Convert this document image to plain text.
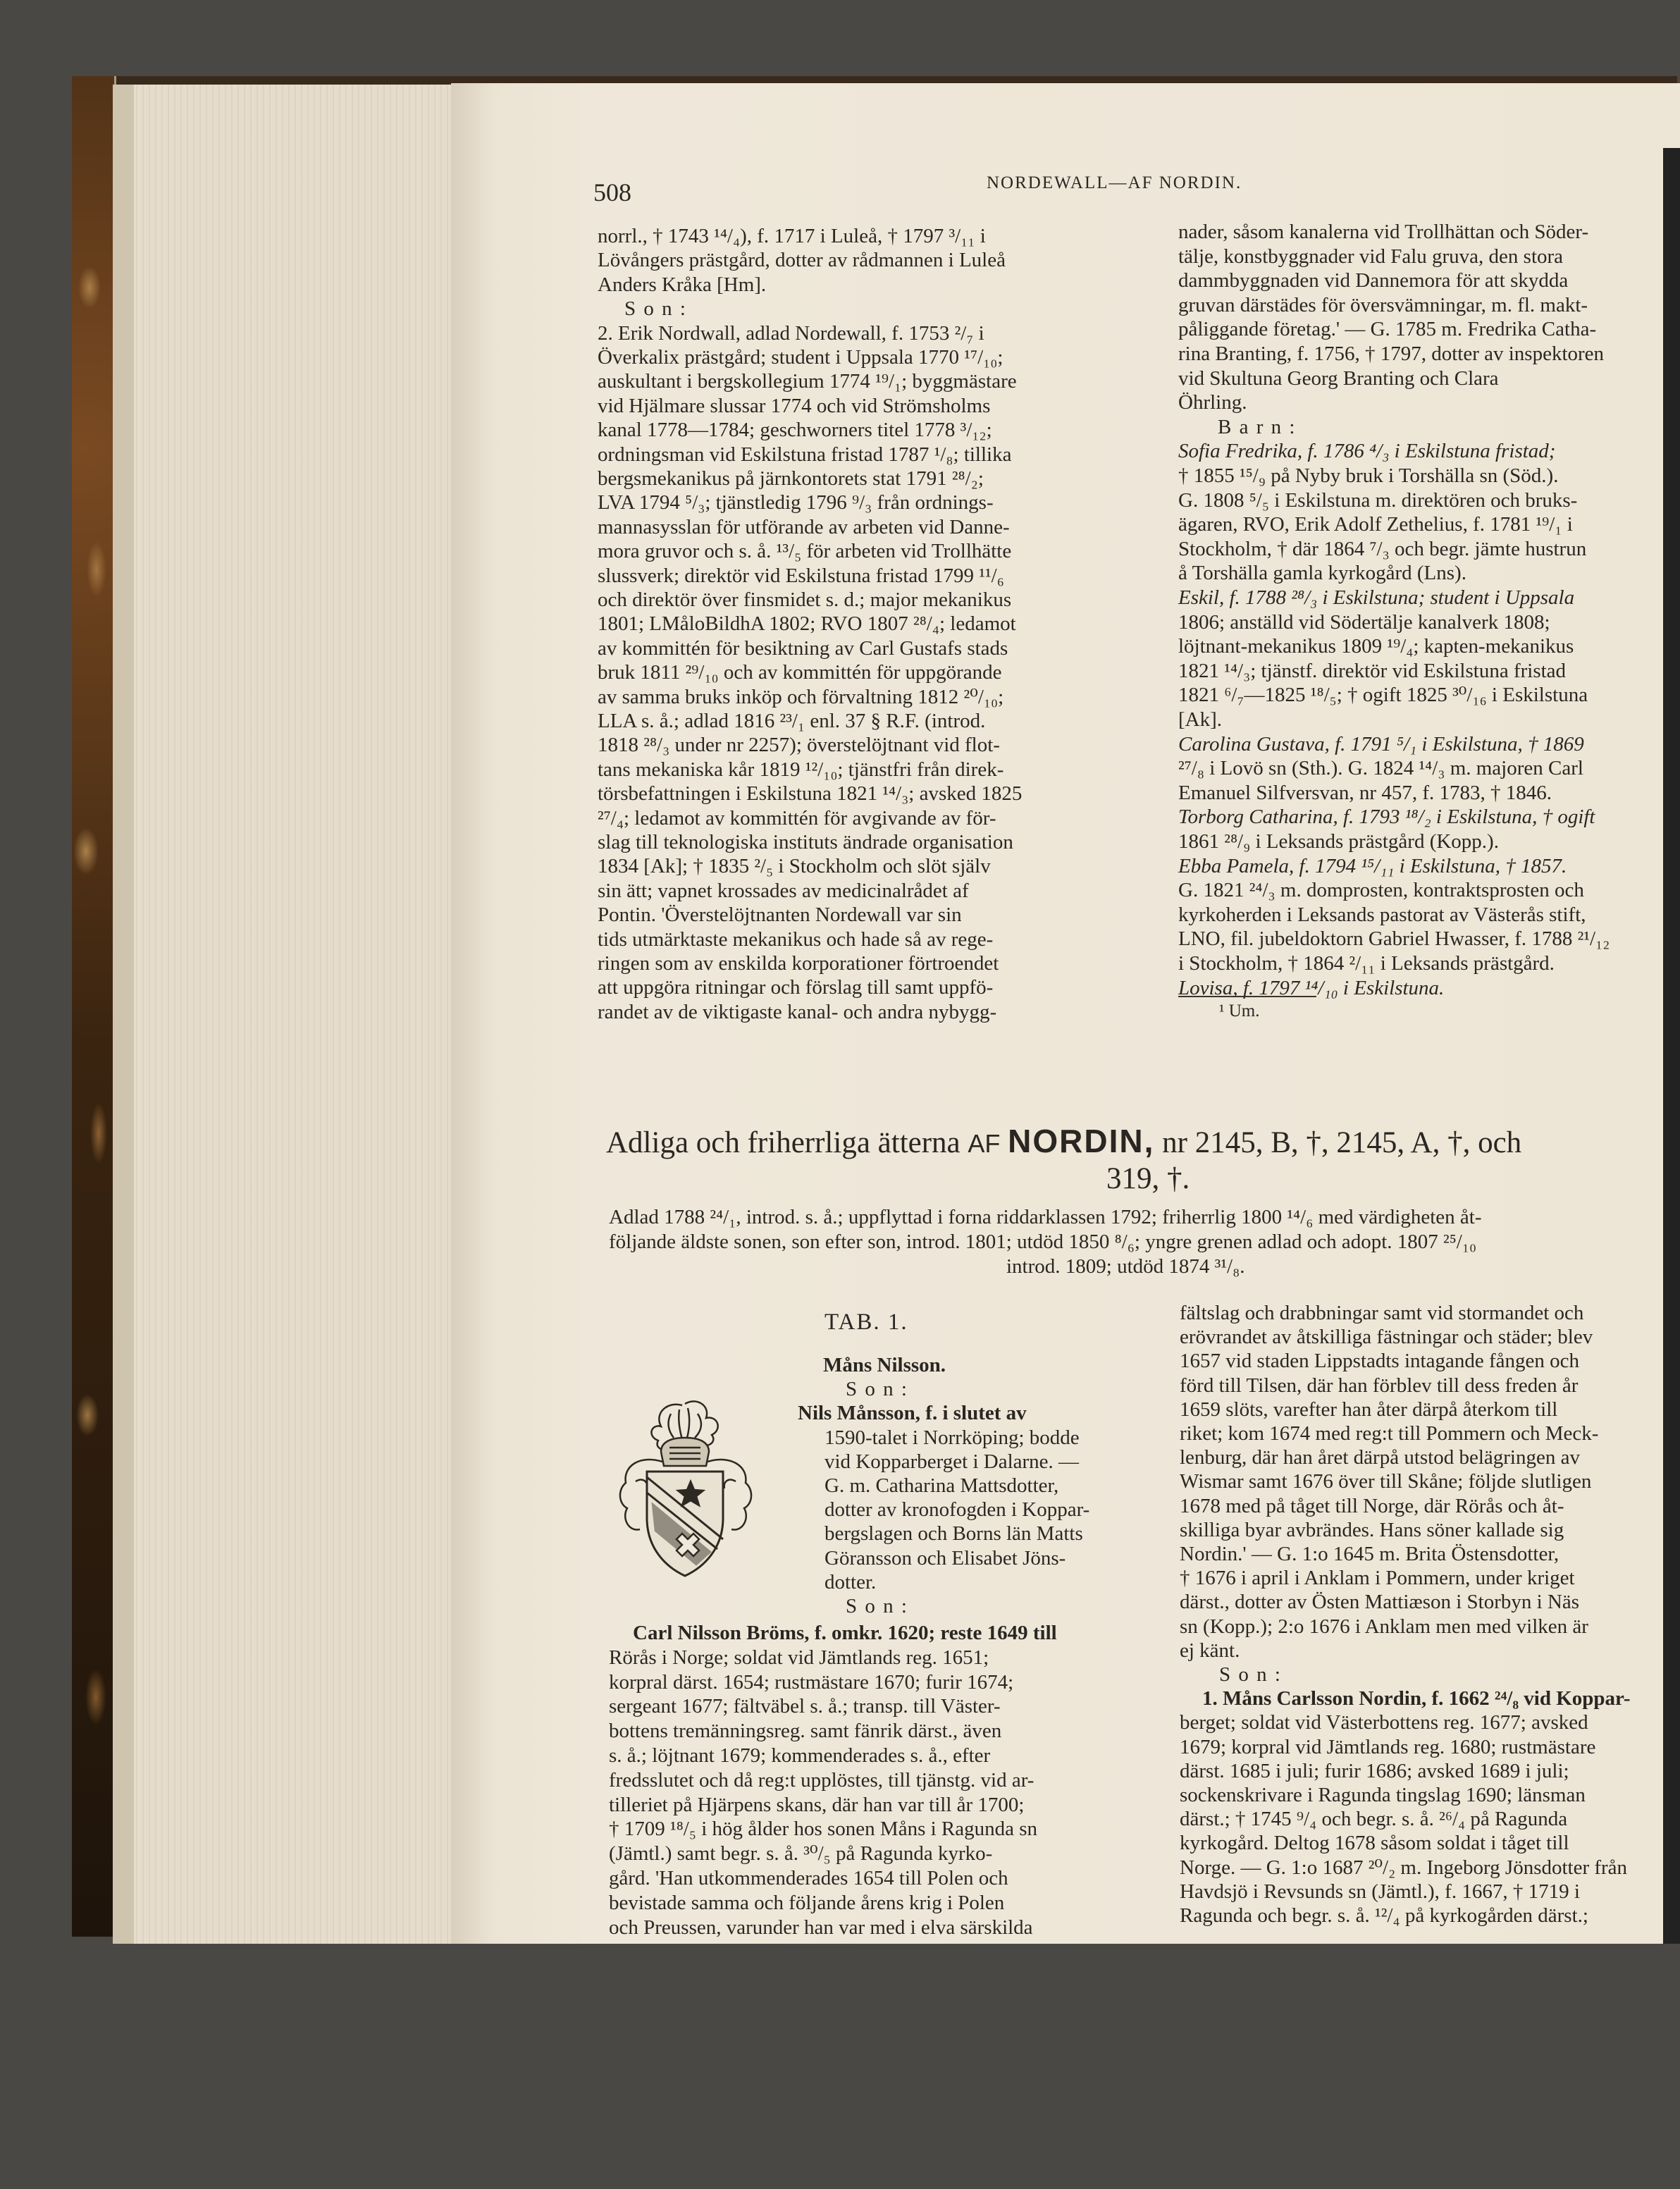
508	NORDEWALL—AF NORDIN.
norrl., † 1743 ¹⁴/₄), f. 1717 i Luleå, † 1797 ³/₁₁ i
Lövångers prästgård, dotter av rådmannen i Luleå
Anders Kråka [Hm].
S o n :
2. Erik Nordwall, adlad Nordewall, f. 1753 ²/₇ i
Överkalix prästgård; student i Uppsala 1770 ¹⁷/₁₀;
auskultant i bergskollegium 1774 ¹⁹/₁; byggmästare
vid Hjälmare slussar 1774 och vid Strömsholms
kanal 1778—1784; geschworners titel 1778 ³/₁₂;
ordningsman vid Eskilstuna fristad 1787 ¹/₈; tillika
bergsmekanikus på järnkontorets stat 1791 ²⁸/₂;
LVA 1794 ⁵/₃; tjänstledig 1796 ⁹/₃ från ordnings-
mannasysslan för utförande av arbeten vid Danne-
mora gruvor och s. å. ¹³/₅ för arbeten vid Trollhätte
slussverk; direktör vid Eskilstuna fristad 1799 ¹¹/₆
och direktör över finsmidet s. d.; major mekanikus
1801; LMåloBildhA 1802; RVO 1807 ²⁸/₄; ledamot
av kommittén för besiktning av Carl Gustafs stads
bruk 1811 ²⁹/₁₀ och av kommittén för uppgörande
av samma bruks inköp och förvaltning 1812 ²⁰/₁₀;
LLA s. å.; adlad 1816 ²³/₁ enl. 37 § R.F. (introd.
1818 ²⁸/₃ under nr 2257); överstelöjtnant vid flot-
tans mekaniska kår 1819 ¹²/₁₀; tjänstfri från direk-
törsbefattningen i Eskilstuna 1821 ¹⁴/₃; avsked 1825
²⁷/₄; ledamot av kommittén för avgivande av för-
slag till teknologiska instituts ändrade organisation
1834 [Ak]; † 1835 ²/₅ i Stockholm och slöt själv
sin ätt; vapnet krossades av medicinalrådet af
Pontin. 'Överstelöjtnanten Nordewall var sin
tids utmärktaste mekanikus och hade så av rege-
ringen som av enskilda korporationer förtroendet
att uppgöra ritningar och förslag till samt uppfö-
randet av de viktigaste kanal- och andra nybygg-
nader, såsom kanalerna vid Trollhättan och Söder-
tälje, konstbyggnader vid Falu gruva, den stora
dammbyggnaden vid Dannemora för att skydda
gruvan därstädes för översvämningar, m. fl. makt-
påliggande företag.' — G. 1785 m. Fredrika Catha-
rina Branting, f. 1756, † 1797, dotter av inspektoren
vid Skultuna Georg Branting och Clara
Öhrling.
B a r n :
Sofia Fredrika, f. 1786 ⁴/₃ i Eskilstuna fristad;
† 1855 ¹⁵/₉ på Nyby bruk i Torshälla sn (Söd.).
G. 1808 ⁵/₅ i Eskilstuna m. direktören och bruks-
ägaren, RVO, Erik Adolf Zethelius, f. 1781 ¹⁹/₁ i
Stockholm, † där 1864 ⁷/₃ och begr. jämte hustrun
å Torshälla gamla kyrkogård (Lns).
Eskil, f. 1788 ²⁸/₃ i Eskilstuna; student i Uppsala
1806; anställd vid Södertälje kanalverk 1808;
löjtnant-mekanikus 1809 ¹⁹/₄; kapten-mekanikus
1821 ¹⁴/₃; tjänstf. direktör vid Eskilstuna fristad
1821 ⁶/₇—1825 ¹⁸/₅; † ogift 1825 ³⁰/₁₆ i Eskilstuna
[Ak].
Carolina Gustava, f. 1791 ⁵/₁ i Eskilstuna, † 1869
²⁷/₈ i Lovö sn (Sth.). G. 1824 ¹⁴/₃ m. majoren Carl
Emanuel Silfversvan, nr 457, f. 1783, † 1846.
Torborg Catharina, f. 1793 ¹⁸/₂ i Eskilstuna, † ogift
1861 ²⁸/₉ i Leksands prästgård (Kopp.).
Ebba Pamela, f. 1794 ¹⁵/₁₁ i Eskilstuna, † 1857.
G. 1821 ²⁴/₃ m. domprosten, kontraktsprosten och
kyrkoherden i Leksands pastorat av Västerås stift,
LNO, fil. jubeldoktorn Gabriel Hwasser, f. 1788 ²¹/₁₂
i Stockholm, † 1864 ²/₁₁ i Leksands prästgård.
Lovisa, f. 1797 ¹⁴/₁₀ i Eskilstuna.
¹ Um.
Adliga och friherrliga ätterna AF NORDIN, nr 2145, B, †, 2145, A, †, och
319, †.
Adlad 1788 ²⁴/₁, introd. s. å.; uppflyttad i forna riddarklassen 1792; friherrlig 1800 ¹⁴/₆ med värdigheten åt-
följande äldste sonen, son efter son, introd. 1801; utdöd 1850 ⁸/₆; yngre grenen adlad och adopt. 1807 ²⁵/₁₀
introd. 1809; utdöd 1874 ³¹/₈.
TAB. 1.
Måns Nilsson.
S o n :
Nils Månsson, f. i slutet av
1590-talet i Norrköping; bodde
vid Kopparberget i Dalarne. —
G. m. Catharina Mattsdotter,
dotter av kronofogden i Koppar-
bergslagen och Borns län Matts
Göransson och Elisabet Jöns-
dotter.
S o n :
Carl Nilsson Bröms, f. omkr. 1620; reste 1649 till
Rörås i Norge; soldat vid Jämtlands reg. 1651;
korpral därst. 1654; rustmästare 1670; furir 1674;
sergeant 1677; fältväbel s. å.; transp. till Väster-
bottens tremänningsreg. samt fänrik därst., även
s. å.; löjtnant 1679; kommenderades s. å., efter
fredsslutet och då reg:t upplöstes, till tjänstg. vid ar-
tilleriet på Hjärpens skans, där han var till år 1700;
† 1709 ¹⁸/₅ i hög ålder hos sonen Måns i Ragunda sn
(Jämtl.) samt begr. s. å. ³⁰/₅ på Ragunda kyrko-
gård. 'Han utkommenderades 1654 till Polen och
bevistade samma och följande årens krig i Polen
och Preussen, varunder han var med i elva särskilda
fältslag och drabbningar samt vid stormandet och
erövrandet av åtskilliga fästningar och städer; blev
1657 vid staden Lippstadts intagande fången och
förd till Tilsen, där han förblev till dess freden år
1659 slöts, varefter han åter därpå återkom till
riket; kom 1674 med reg:t till Pommern och Meck-
lenburg, där han året därpå utstod belägringen av
Wismar samt 1676 över till Skåne; följde slutligen
1678 med på tåget till Norge, där Rörås och åt-
skilliga byar avbrändes. Hans söner kallade sig
Nordin.' — G. 1:o 1645 m. Brita Östensdotter,
† 1676 i april i Anklam i Pommern, under kriget
därst., dotter av Östen Mattiæson i Storbyn i Näs
sn (Kopp.); 2:o 1676 i Anklam men med vilken är
ej känt.
S o n :
1. Måns Carlsson Nordin, f. 1662 ²⁴/₈ vid Koppar-
berget; soldat vid Västerbottens reg. 1677; avsked
1679; korpral vid Jämtlands reg. 1680; rustmästare
därst. 1685 i juli; furir 1686; avsked 1689 i juli;
sockenskrivare i Ragunda tingslag 1690; länsman
därst.; † 1745 ⁹/₄ och begr. s. å. ²⁶/₄ på Ragunda
kyrkogård. Deltog 1678 såsom soldat i tåget till
Norge. — G. 1:o 1687 ²⁰/₂ m. Ingeborg Jönsdotter från
Havdsjö i Revsunds sn (Jämtl.), f. 1667, † 1719 i
Ragunda och begr. s. å. ¹²/₄ på kyrkogården därst.;
